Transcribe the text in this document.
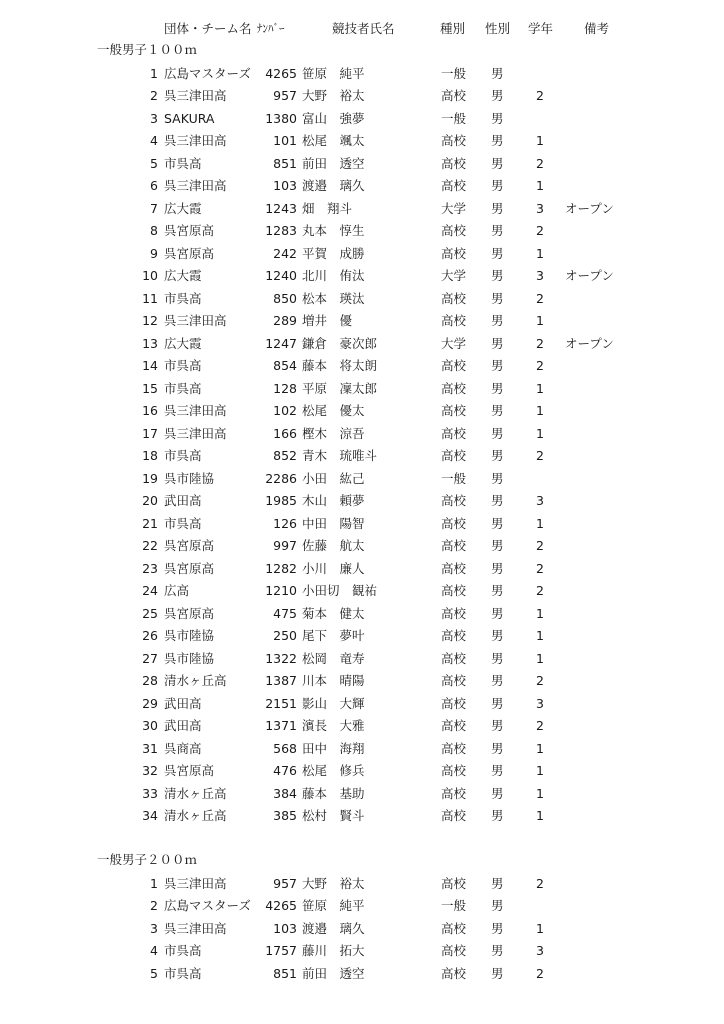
団体・チーム名 ﾅﾝﾊﾞｰ	競技者氏名	種別 性別 学年 備考
一般男子１００ｍ
1 広島マスターズ	4265 笹原　純平	一般 男
2 呉三津田高	957 大野　裕太	高校 男	2
3 SAKURA	1380 富山　強夢	一般 男
4 呉三津田高	101 松尾　颯太	高校 男	1
5 市呉高	851 前田　透空	高校 男	2
6 呉三津田高	103 渡邉　璃久	高校 男	1
7 広大霞	1243 畑　翔斗	大学 男	3 オープン
8 呉宮原高	1283 丸本　惇生	高校 男	2
9 呉宮原高	242 平賀　成勝	高校 男	1
10 広大霞	1240 北川　侑汰	大学 男	3 オープン
11 市呉高	850 松本　瑛汰	高校 男	2
12 呉三津田高	289 増井　優	高校 男	1
13 広大霞	1247 鎌倉　豪次郎	大学 男	2 オープン
14 市呉高	854 藤本　将太朗	高校 男	2
15 市呉高	128 平原　凜太郎	高校 男	1
16 呉三津田高	102 松尾　優太	高校 男	1
17 呉三津田高	166 樫木　涼吾	高校 男	1
18 市呉高	852 青木　琉唯斗	高校 男	2
19 呉市陸協	2286 小田　紘己	一般 男
20 武田高	1985 木山　頼夢	高校 男	3
21 市呉高	126 中田　陽智	高校 男	1
22 呉宮原高	997 佐藤　航太	高校 男	2
23 呉宮原高	1282 小川　廉人	高校 男	2
24 広高	1210 小田切　観祐	高校 男	2
25 呉宮原高	475 菊本　健太	高校 男	1
26 呉市陸協	250 尾下　夢叶	高校 男	1
27 呉市陸協	1322 松岡　竜寿	高校 男	1
28 清水ヶ丘高	1387 川本　晴陽	高校 男	2
29 武田高	2151 影山　大輝	高校 男	3
30 武田高	1371 濱長　大雅	高校 男	2
31 呉商高	568 田中　海翔	高校 男	1
32 呉宮原高	476 松尾　修兵	高校 男	1
33 清水ヶ丘高	384 藤本　基助	高校 男	1
34 清水ヶ丘高	385 松村　賢斗	高校 男	1
一般男子２００ｍ
1 呉三津田高	957 大野　裕太	高校 男	2
2 広島マスターズ	4265 笹原　純平	一般 男
3 呉三津田高	103 渡邉　璃久	高校 男	1
4 市呉高	1757 藤川　拓大	高校 男	3
5 市呉高	851 前田　透空	高校 男	2
